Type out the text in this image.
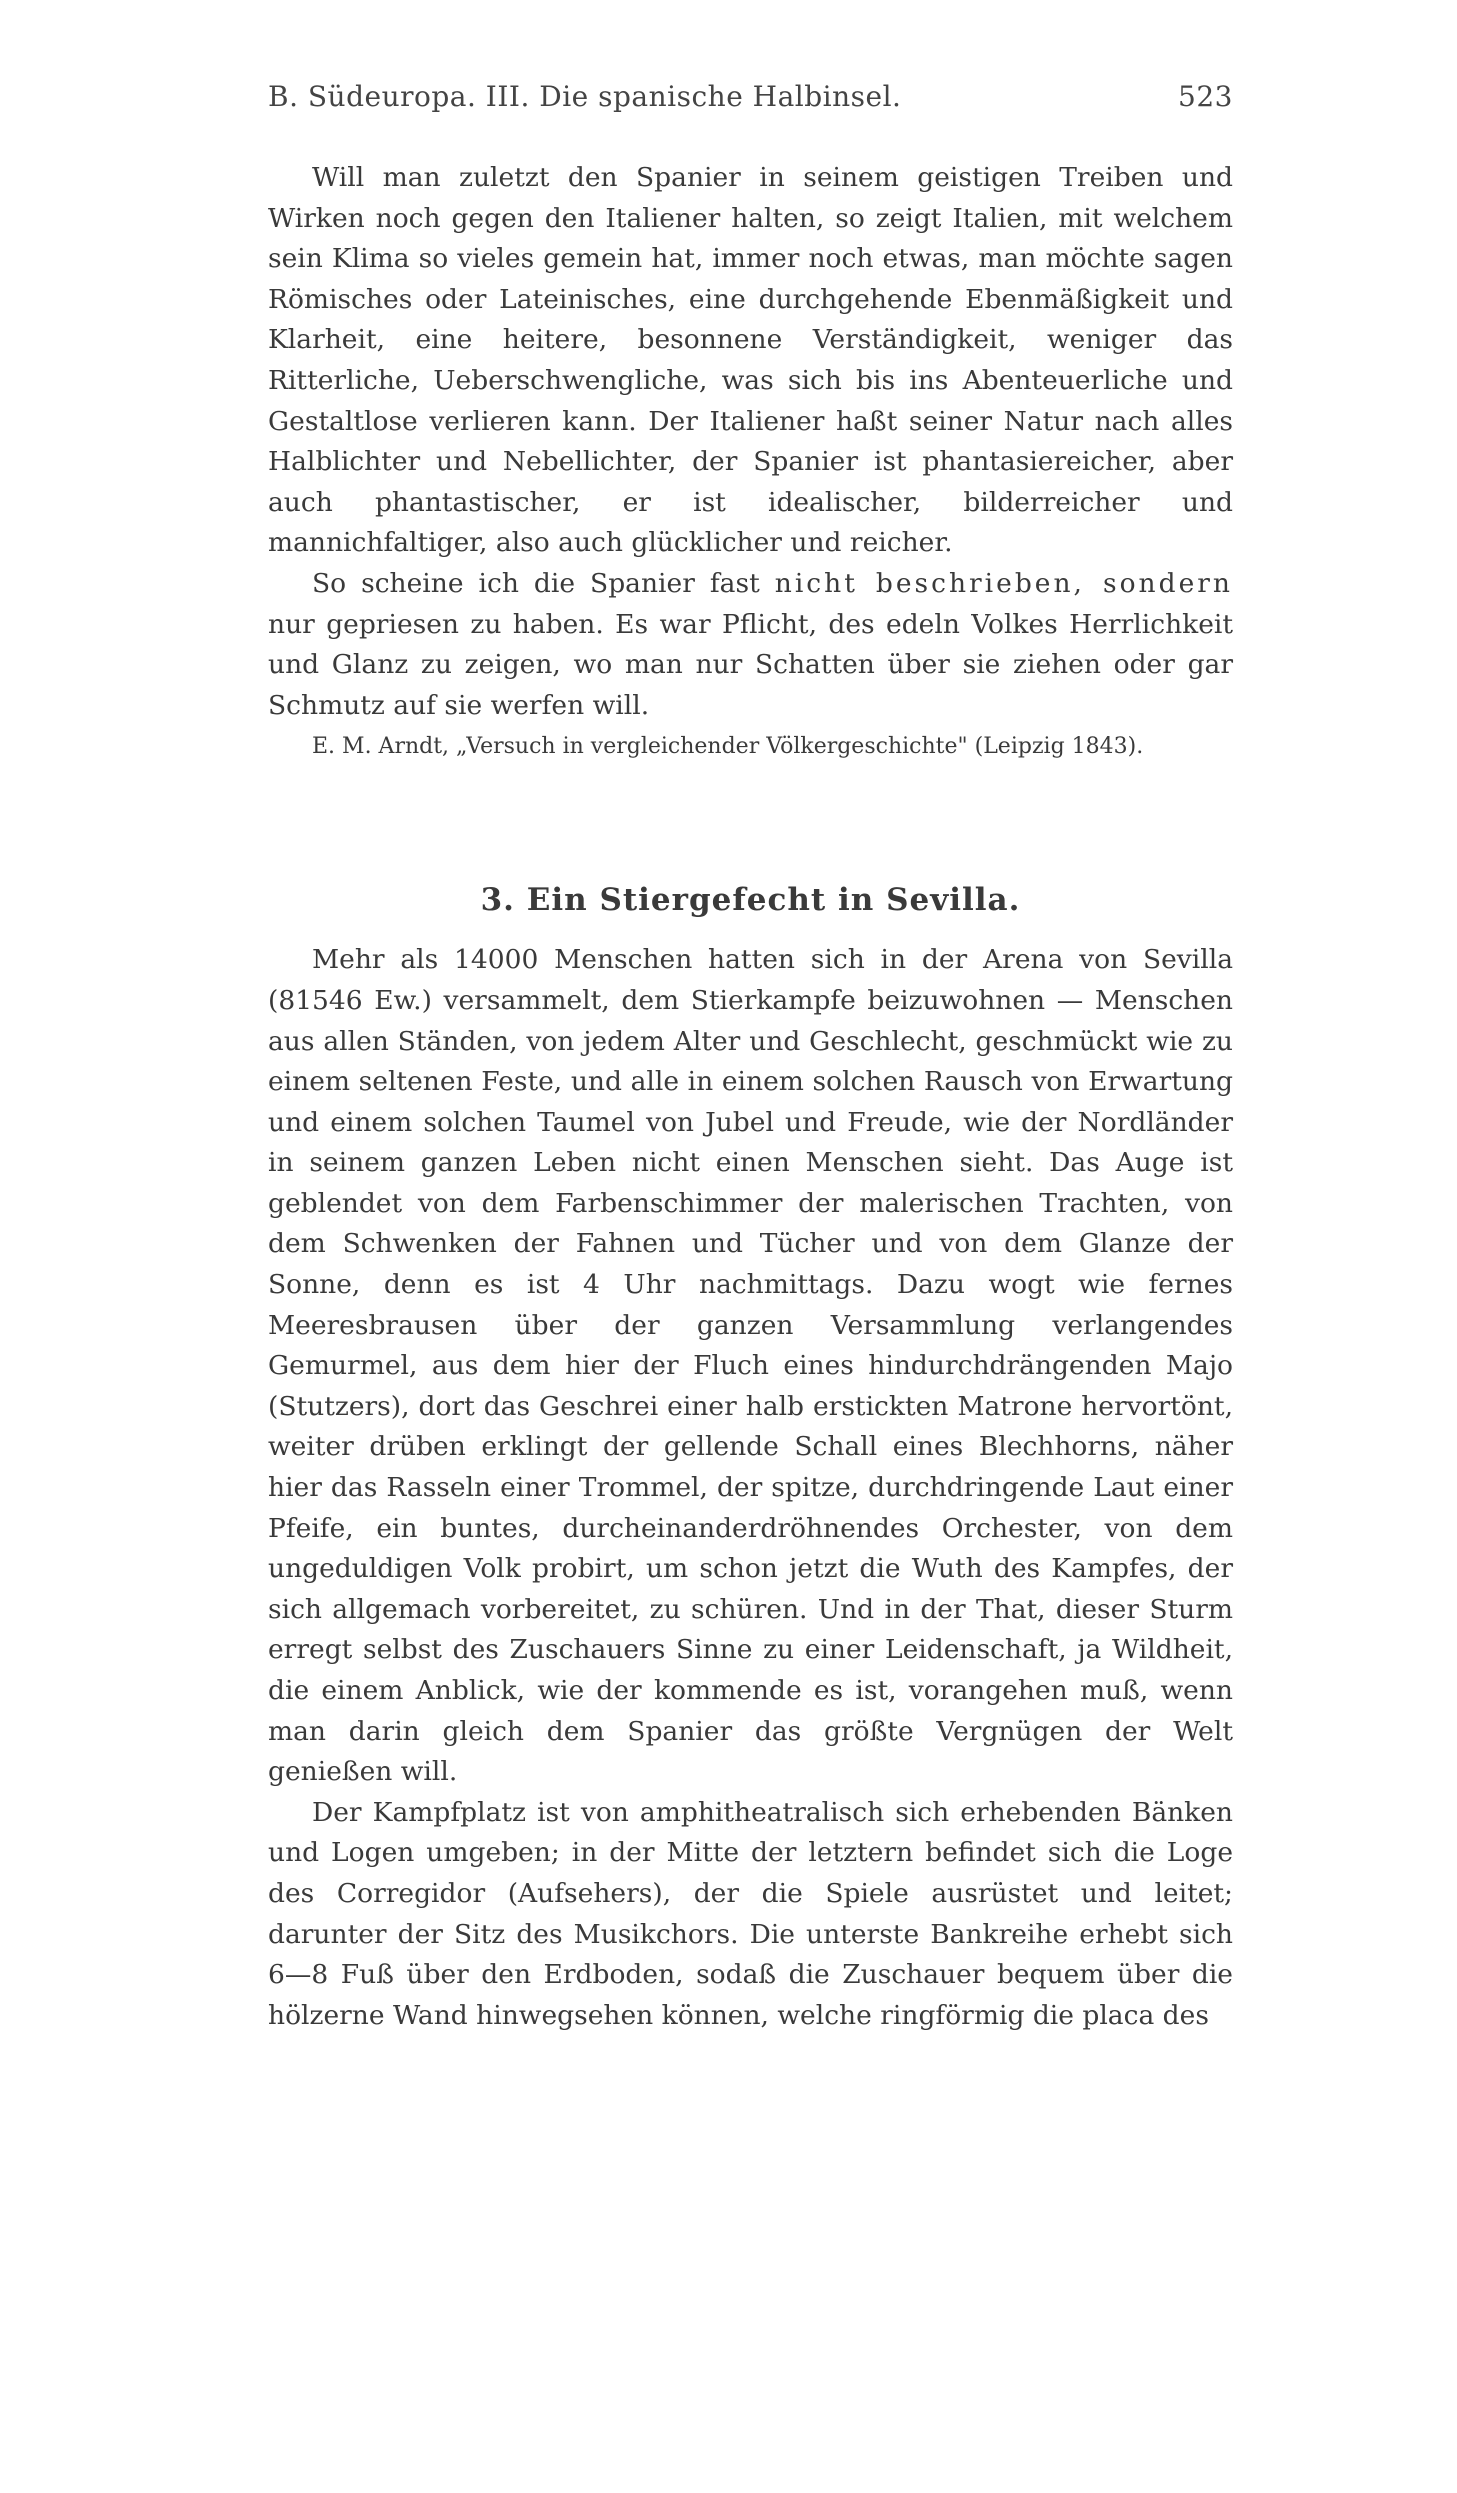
B. Südeuropa. III. Die spanische Halbinsel.	523

Will man zuletzt den Spanier in seinem geistigen Treiben und Wirken noch gegen den Italiener halten, so zeigt Italien, mit welchem sein Klima so vieles gemein hat, immer noch etwas, man möchte sagen Römisches oder Lateinisches, eine durchgehende Ebenmäßigkeit und Klarheit, eine heitere, besonnene Verständigkeit, weniger das Ritterliche, Ueberschwengliche, was sich bis ins Abenteuerliche und Gestaltlose verlieren kann. Der Italiener haßt seiner Natur nach alles Halblichter und Nebellichter, der Spanier ist phantasiereicher, aber auch phantastischer, er ist idealischer, bilderreicher und mannichfaltiger, also auch glücklicher und reicher.

So scheine ich die Spanier fast nicht beschrieben, sondern nur gepriesen zu haben. Es war Pflicht, des edeln Volkes Herrlichkeit und Glanz zu zeigen, wo man nur Schatten über sie ziehen oder gar Schmutz auf sie werfen will.

E. M. Arndt, „Versuch in vergleichender Völkergeschichte" (Leipzig 1843).

3. Ein Stiergefecht in Sevilla.

Mehr als 14000 Menschen hatten sich in der Arena von Sevilla (81546 Ew.) versammelt, dem Stierkampfe beizuwohnen — Menschen aus allen Ständen, von jedem Alter und Geschlecht, geschmückt wie zu einem seltenen Feste, und alle in einem solchen Rausch von Erwartung und einem solchen Taumel von Jubel und Freude, wie der Nordländer in seinem ganzen Leben nicht einen Menschen sieht. Das Auge ist geblendet von dem Farbenschimmer der malerischen Trachten, von dem Schwenken der Fahnen und Tücher und von dem Glanze der Sonne, denn es ist 4 Uhr nachmittags. Dazu wogt wie fernes Meeresbrausen über der ganzen Versammlung verlangendes Gemurmel, aus dem hier der Fluch eines hindurchdrängenden Majo (Stutzers), dort das Geschrei einer halb erstickten Matrone hervortönt, weiter drüben erklingt der gellende Schall eines Blechhorns, näher hier das Rasseln einer Trommel, der spitze, durchdringende Laut einer Pfeife, ein buntes, durcheinanderdröhnendes Orchester, von dem ungeduldigen Volk probirt, um schon jetzt die Wuth des Kampfes, der sich allgemach vorbereitet, zu schüren. Und in der That, dieser Sturm erregt selbst des Zuschauers Sinne zu einer Leidenschaft, ja Wildheit, die einem Anblick, wie der kommende es ist, vorangehen muß, wenn man darin gleich dem Spanier das größte Vergnügen der Welt genießen will.

Der Kampfplatz ist von amphitheatralisch sich erhebenden Bänken und Logen umgeben; in der Mitte der letztern befindet sich die Loge des Corregidor (Aufsehers), der die Spiele ausrüstet und leitet; darunter der Sitz des Musikchors. Die unterste Bankreihe erhebt sich 6—8 Fuß über den Erdboden, sodaß die Zuschauer bequem über die hölzerne Wand hinwegsehen können, welche ringförmig die placa des
